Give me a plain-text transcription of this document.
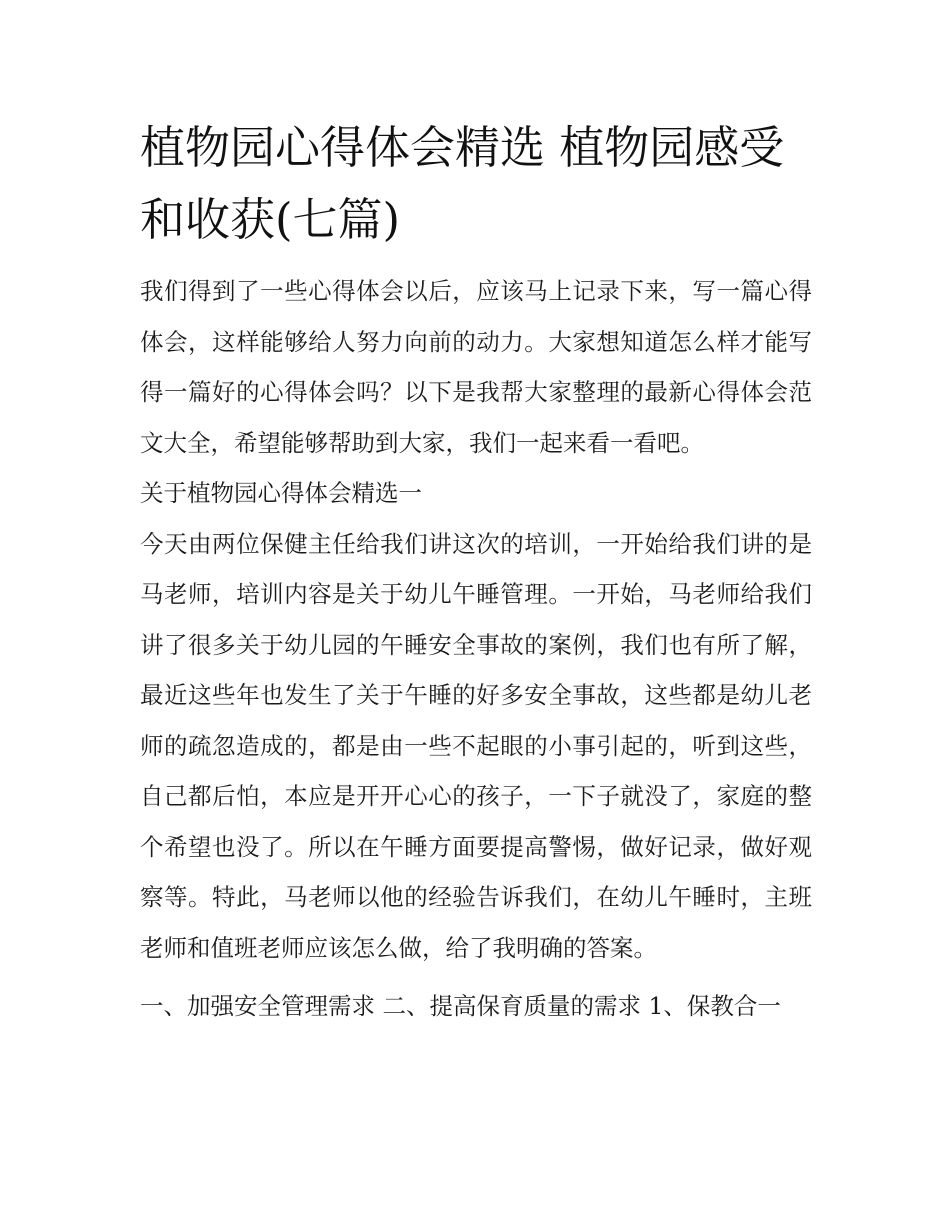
植物园心得体会精选 植物园感受和收获(七篇)

我们得到了一些心得体会以后，应该马上记录下来，写一篇心得体会，这样能够给人努力向前的动力。大家想知道怎么样才能写得一篇好的心得体会吗？以下是我帮大家整理的最新心得体会范文大全，希望能够帮助到大家，我们一起来看一看吧。

关于植物园心得体会精选一

今天由两位保健主任给我们讲这次的培训，一开始给我们讲的是马老师，培训内容是关于幼儿午睡管理。一开始，马老师给我们讲了很多关于幼儿园的午睡安全事故的案例，我们也有所了解，最近这些年也发生了关于午睡的好多安全事故，这些都是幼儿老师的疏忽造成的，都是由一些不起眼的小事引起的，听到这些，自己都后怕，本应是开开心心的孩子，一下子就没了，家庭的整个希望也没了。所以在午睡方面要提高警惕，做好记录，做好观察等。特此，马老师以他的经验告诉我们，在幼儿午睡时，主班老师和值班老师应该怎么做，给了我明确的答案。

一、加强安全管理需求 二、提高保育质量的需求 1、保教合一
